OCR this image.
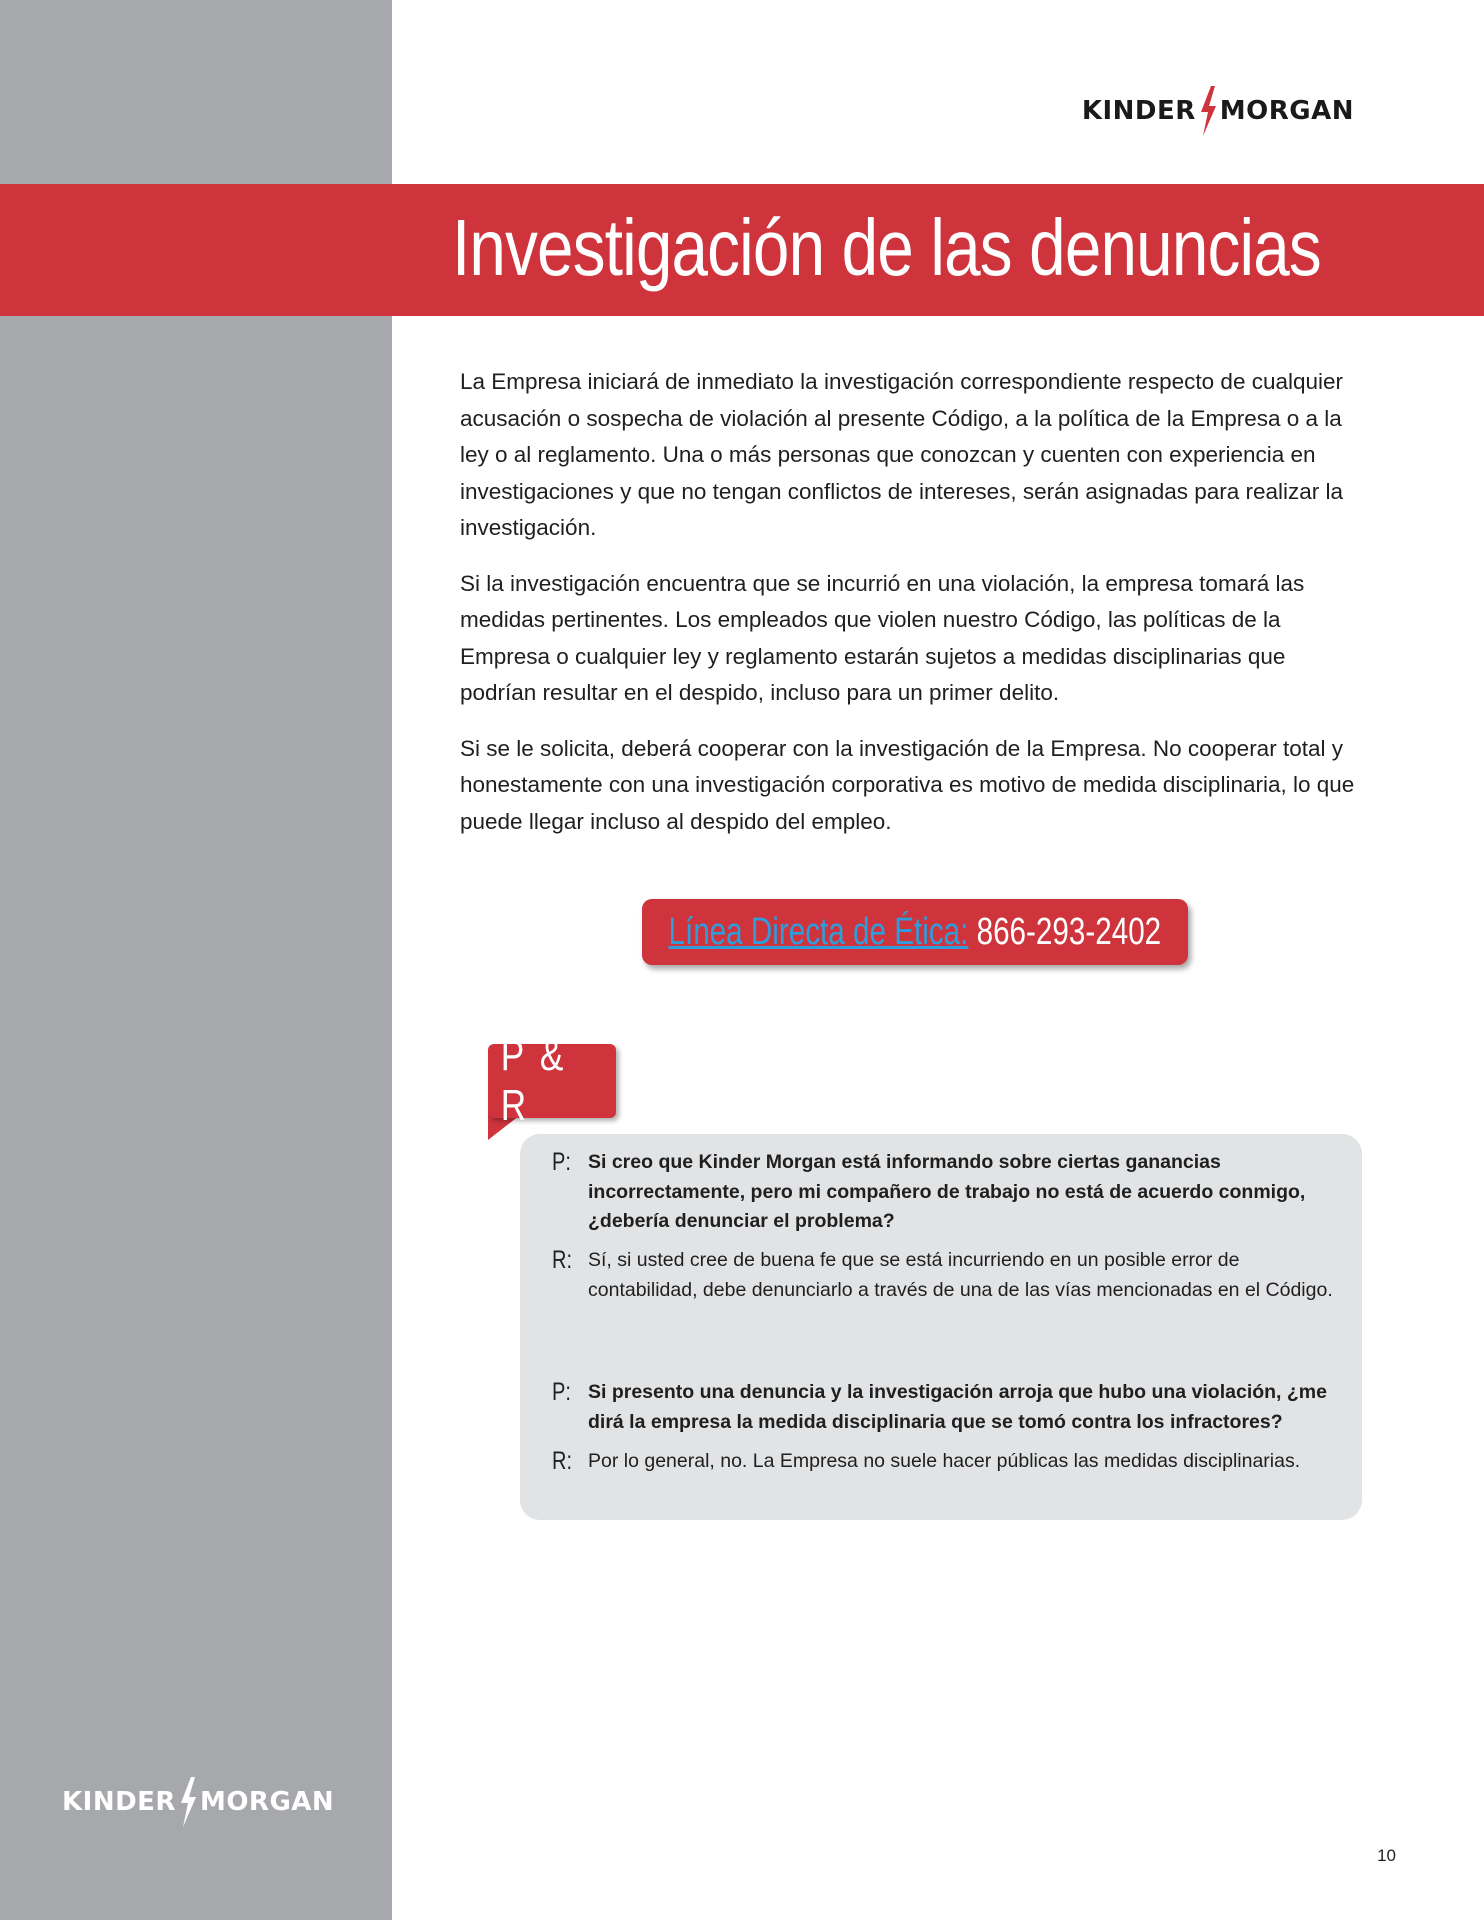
KINDER MORGAN
Investigación de las denuncias

La Empresa iniciará de inmediato la investigación correspondiente respecto de cualquier acusación o sospecha de violación al presente Código, a la política de la Empresa o a la ley o al reglamento. Una o más personas que conozcan y cuenten con experiencia en investigaciones y que no tengan conflictos de intereses, serán asignadas para realizar la investigación.

Si la investigación encuentra que se incurrió en una violación, la empresa tomará las medidas pertinentes. Los empleados que violen nuestro Código, las políticas de la Empresa o cualquier ley y reglamento estarán sujetos a medidas disciplinarias que podrían resultar en el despido, incluso para un primer delito.

Si se le solicita, deberá cooperar con la investigación de la Empresa. No cooperar total y honestamente con una investigación corporativa es motivo de medida disciplinaria, lo que puede llegar incluso al despido del empleo.

Línea Directa de Ética: 866-293-2402
P & R
P: Si creo que Kinder Morgan está informando sobre ciertas ganancias incorrectamente, pero mi compañero de trabajo no está de acuerdo conmigo, ¿debería denunciar el problema?
R: Sí, si usted cree de buena fe que se está incurriendo en un posible error de contabilidad, debe denunciarlo a través de una de las vías mencionadas en el Código.
P: Si presento una denuncia y la investigación arroja que hubo una violación, ¿me dirá la empresa la medida disciplinaria que se tomó contra los infractores?
R: Por lo general, no. La Empresa no suele hacer públicas las medidas disciplinarias.
KINDER MORGAN
10
